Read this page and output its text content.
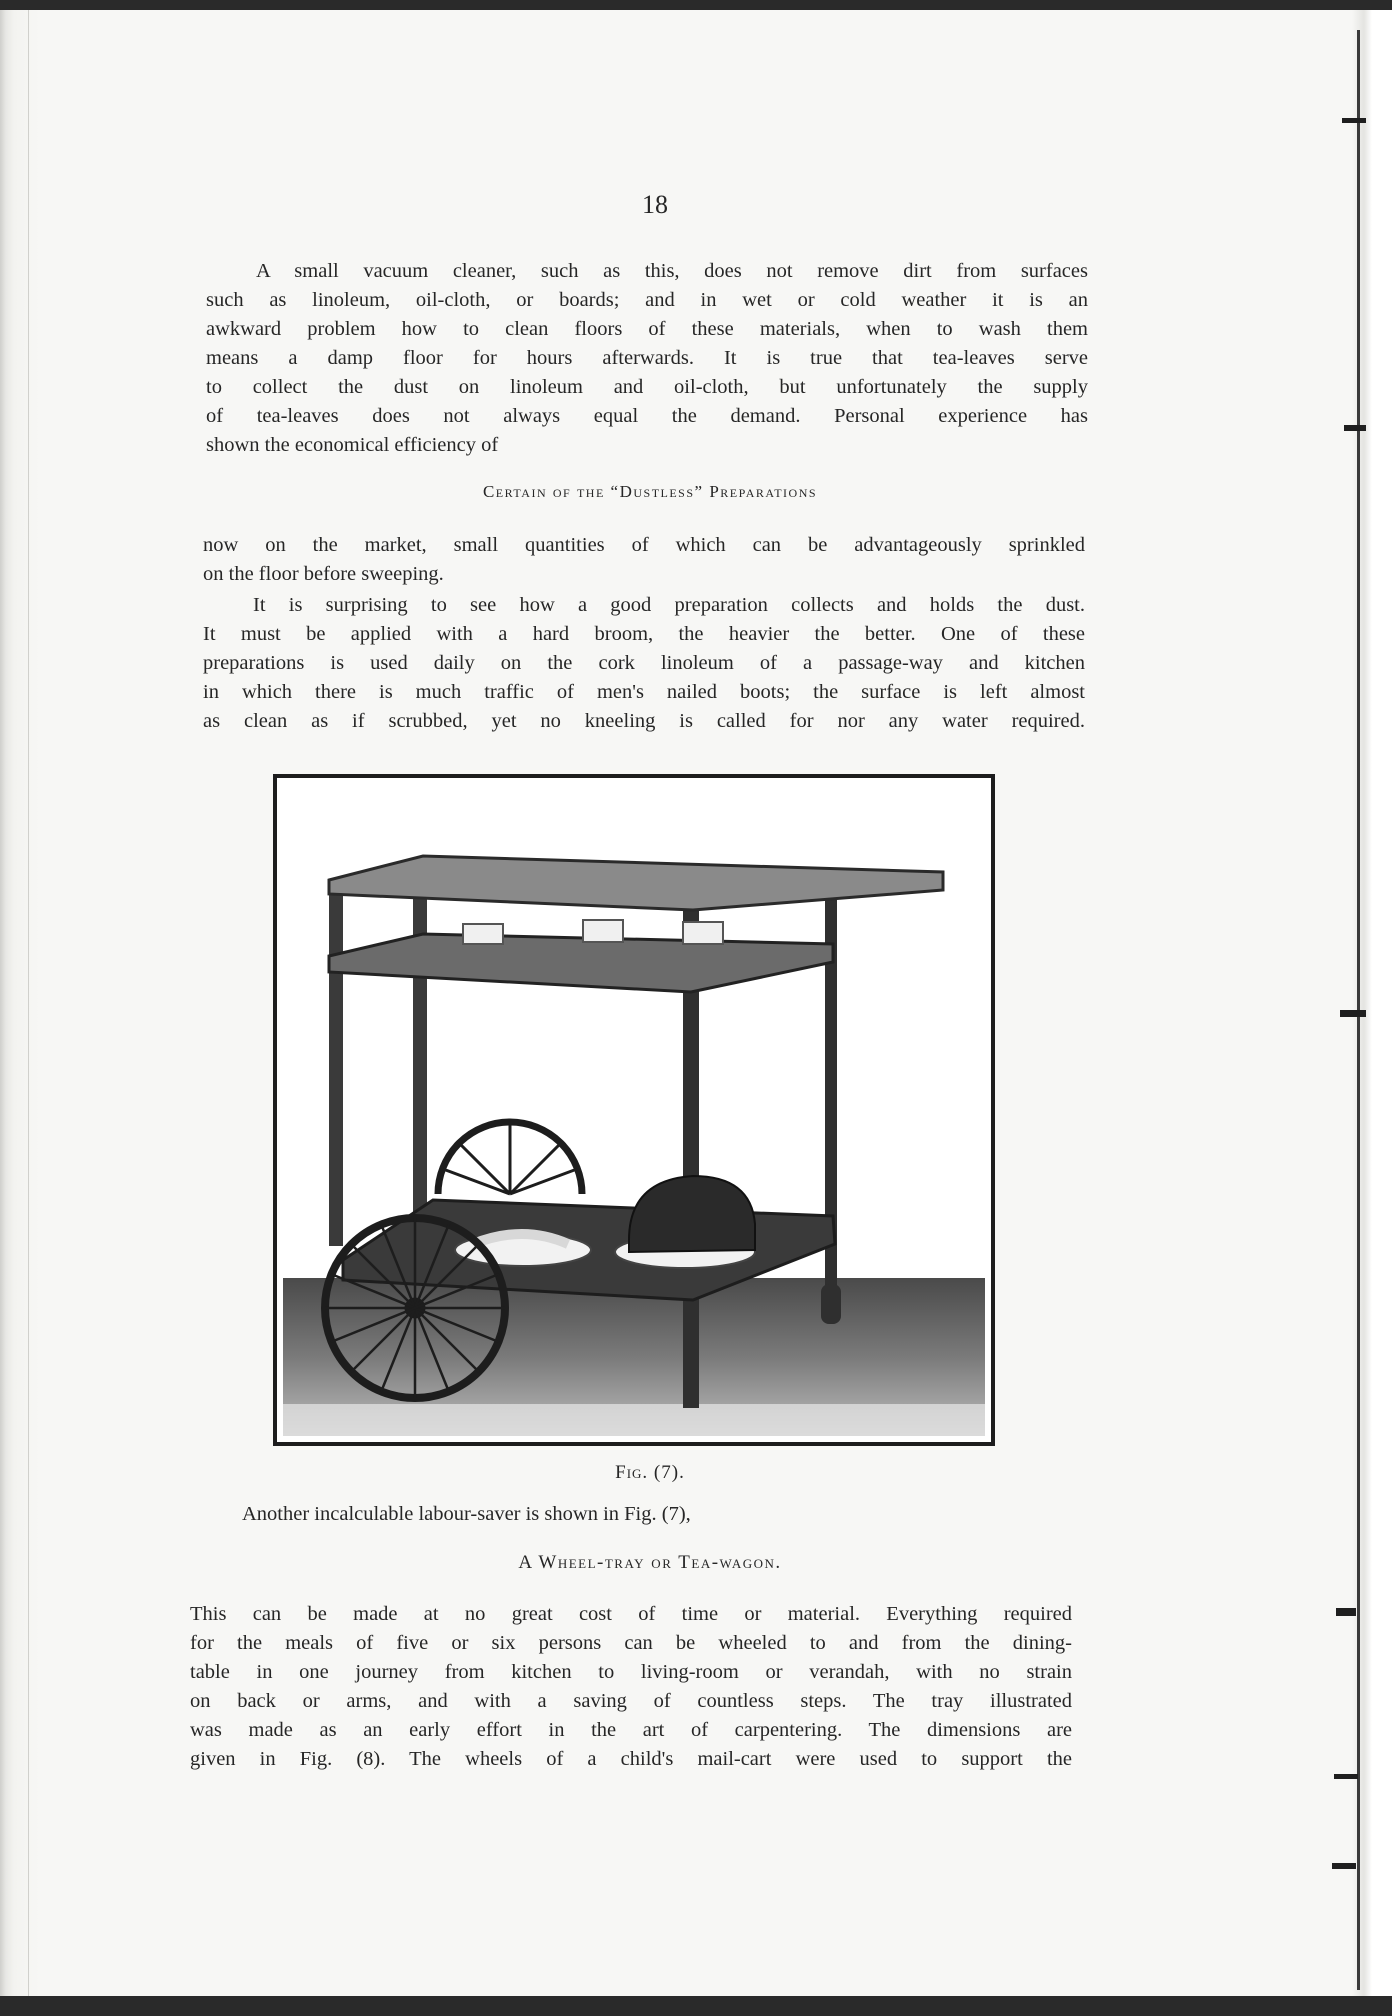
18
A small vacuum cleaner, such as this, does not remove dirt from surfaces
such as linoleum, oil-cloth, or boards; and in wet or cold weather it is an
awkward problem how to clean floors of these materials, when to wash them
means a damp floor for hours afterwards. It is true that tea-leaves serve
to collect the dust on linoleum and oil-cloth, but unfortunately the supply
of tea-leaves does not always equal the demand. Personal experience has
shown the economical efficiency of
Certain of the “Dustless” Preparations
now on the market, small quantities of which can be advantageously sprinkled
on the floor before sweeping.
It is surprising to see how a good preparation collects and holds the dust.
It must be applied with a hard broom, the heavier the better. One of these
preparations is used daily on the cork linoleum of a passage-way and kitchen
in which there is much traffic of men's nailed boots; the surface is left almost
as clean as if scrubbed, yet no kneeling is called for nor any water required.
Fig. (7).
Another incalculable labour-saver is shown in Fig. (7),
A Wheel-tray or Tea-wagon.
This can be made at no great cost of time or material. Everything required
for the meals of five or six persons can be wheeled to and from the dining-
table in one journey from kitchen to living-room or verandah, with no strain
on back or arms, and with a saving of countless steps. The tray illustrated
was made as an early effort in the art of carpentering. The dimensions are
given in Fig. (8). The wheels of a child's mail-cart were used to support the
